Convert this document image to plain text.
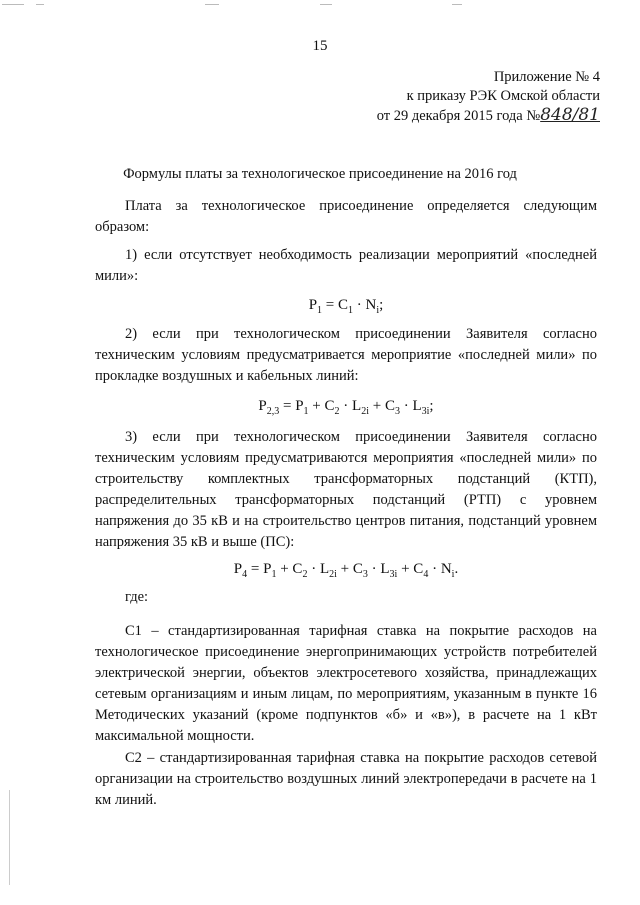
15
Приложение № 4
к приказу РЭК Омской области
от 29 декабря 2015 года №848/81
Формулы платы за технологическое присоединение на 2016 год

Плата за технологическое присоединение определяется следующим образом:

1) если отсутствует необходимость реализации мероприятий «последней мили»:

$P_1 = C_1 \cdot N_i$;

2) если при технологическом присоединении Заявителя согласно техническим условиям предусматривается мероприятие «последней мили» по прокладке воздушных и кабельных линий:

$P_{2,3} = P_1 + C_2 \cdot L_{2i} + C_3 \cdot L_{3i}$;

3) если при технологическом присоединении Заявителя согласно техническим условиям предусматриваются мероприятия «последней мили» по строительству комплектных трансформаторных подстанций (КТП), распределительных трансформаторных подстанций (РТП) с уровнем напряжения до 35 кВ и на строительство центров питания, подстанций уровнем напряжения 35 кВ и выше (ПС):

$P_4 = P_1 + C_2 \cdot L_{2i} + C_3 \cdot L_{3i} + C_4 \cdot N_i$.

где:

С1 – стандартизированная тарифная ставка на покрытие расходов на технологическое присоединение энергопринимающих устройств потребителей электрической энергии, объектов электросетевого хозяйства, принадлежащих сетевым организациям и иным лицам, по мероприятиям, указанным в пункте 16 Методических указаний (кроме подпунктов «б» и «в»), в расчете на 1 кВт максимальной мощности.

С2 – стандартизированная тарифная ставка на покрытие расходов сетевой организации на строительство воздушных линий электропередачи в расчете на 1 км линий.
